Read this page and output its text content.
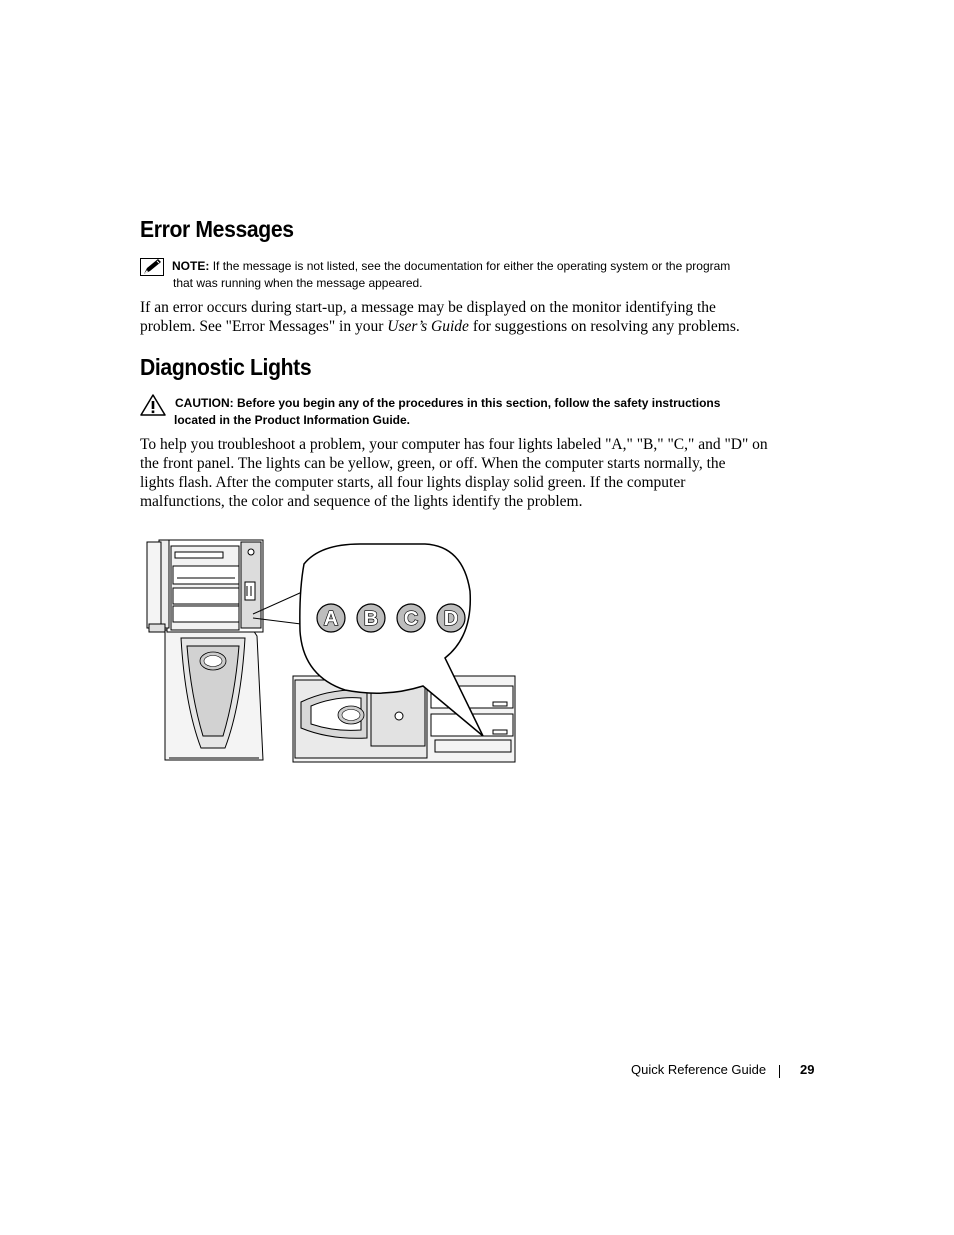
Error Messages
NOTE: If the message is not listed, see the documentation for either the operating system or the program
that was running when the message appeared.
If an error occurs during start-up, a message may be displayed on the monitor identifying the
problem. See "Error Messages" in your User’s Guide for suggestions on resolving any problems.
Diagnostic Lights
CAUTION: Before you begin any of the procedures in this section, follow the safety instructions
located in the Product Information Guide.
To help you troubleshoot a problem, your computer has four lights labeled "A," "B," "C," and "D" on
the front panel. The lights can be yellow, green, or off. When the computer starts normally, the
lights flash. After the computer starts, all four lights display solid green. If the computer
malfunctions, the color and sequence of the lights identify the problem.
A B C D
Quick Reference Guide	29
